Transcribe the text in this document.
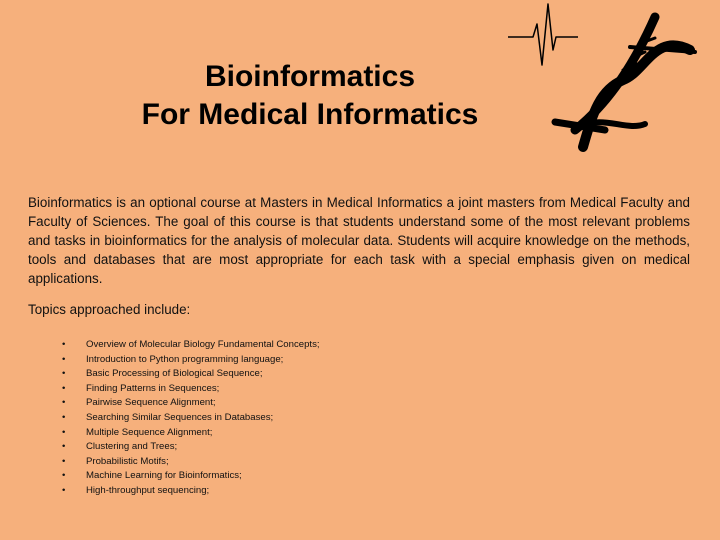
Bioinformatics
For Medical Informatics

Bioinformatics is an optional course at Masters in Medical Informatics a joint masters from Medical Faculty and Faculty of Sciences. The goal of this course is that students understand some of the most relevant problems and tasks in bioinformatics for the analysis of molecular data. Students will acquire knowledge on the methods, tools and databases that are most appropriate for each task with a special emphasis given on medical applications.

Topics approached include:
• Overview of Molecular Biology Fundamental Concepts;
• Introduction to Python programming language;
• Basic Processing of Biological Sequence;
• Finding Patterns in Sequences;
• Pairwise Sequence Alignment;
• Searching Similar Sequences in Databases;
• Multiple Sequence Alignment;
• Clustering and Trees;
• Probabilistic Motifs;
• Machine Learning for Bioinformatics;
• High-throughput sequencing;
